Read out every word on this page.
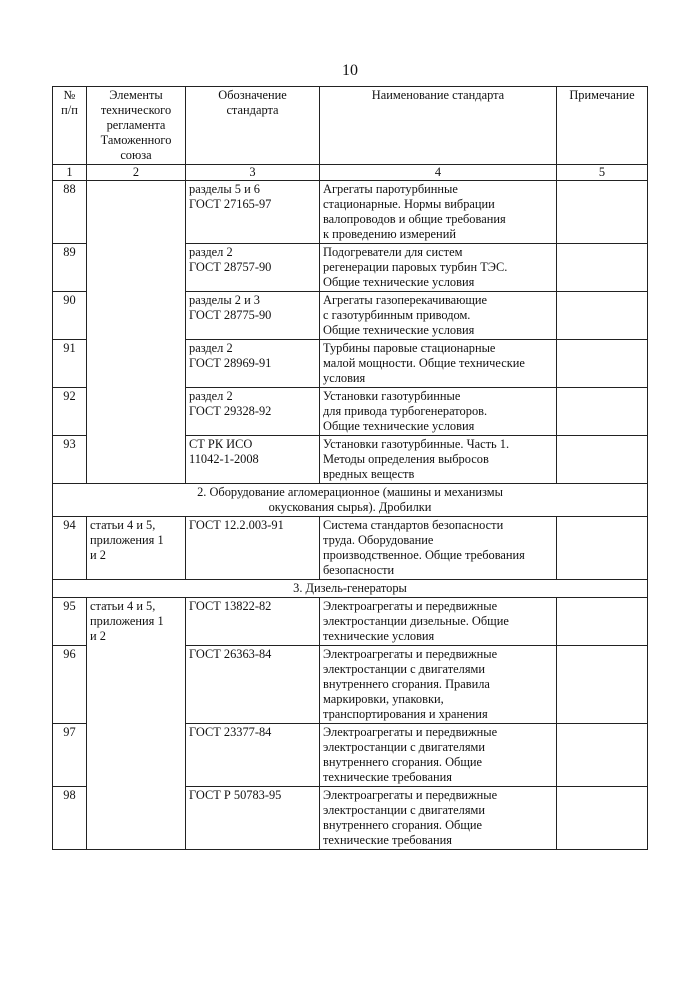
10
№
п/п	Элементы
технического
регламента
Таможенного
союза	Обозначение
стандарта	Наименование стандарта	Примечание
1	2	3	4	5
88		разделы 5 и 6
ГОСТ 27165-97	Агрегаты паротурбинные
стационарные. Нормы вибрации
валопроводов и общие требования
к проведению измерений	
89		раздел 2
ГОСТ 28757-90	Подогреватели для систем
регенерации паровых турбин ТЭС.
Общие технические условия	
90		разделы 2 и 3
ГОСТ 28775-90	Агрегаты газоперекачивающие
с газотурбинным приводом.
Общие технические условия	
91		раздел 2
ГОСТ 28969-91	Турбины паровые стационарные
малой мощности. Общие технические
условия	
92		раздел 2
ГОСТ 29328-92	Установки газотурбинные
для привода турбогенераторов.
Общие технические условия	
93		СТ РК ИСО
11042-1-2008	Установки газотурбинные. Часть 1.
Методы определения выбросов
вредных веществ	
2. Оборудование агломерационное (машины и механизмы
окускования сырья). Дробилки				
94	статьи 4 и 5,
приложения 1
и 2	ГОСТ 12.2.003-91	Система стандартов безопасности
труда. Оборудование
производственное. Общие требования
безопасности	
3. Дизель-генераторы				
95	статьи 4 и 5,
приложения 1
и 2	ГОСТ 13822-82	Электроагрегаты и передвижные
электростанции дизельные. Общие
технические условия	
96		ГОСТ 26363-84	Электроагрегаты и передвижные
электростанции с двигателями
внутреннего сгорания. Правила
маркировки, упаковки,
транспортирования и хранения	
97		ГОСТ 23377-84	Электроагрегаты и передвижные
электростанции с двигателями
внутреннего сгорания. Общие
технические требования	
98		ГОСТ Р 50783-95	Электроагрегаты и передвижные
электростанции с двигателями
внутреннего сгорания. Общие
технические требования	
